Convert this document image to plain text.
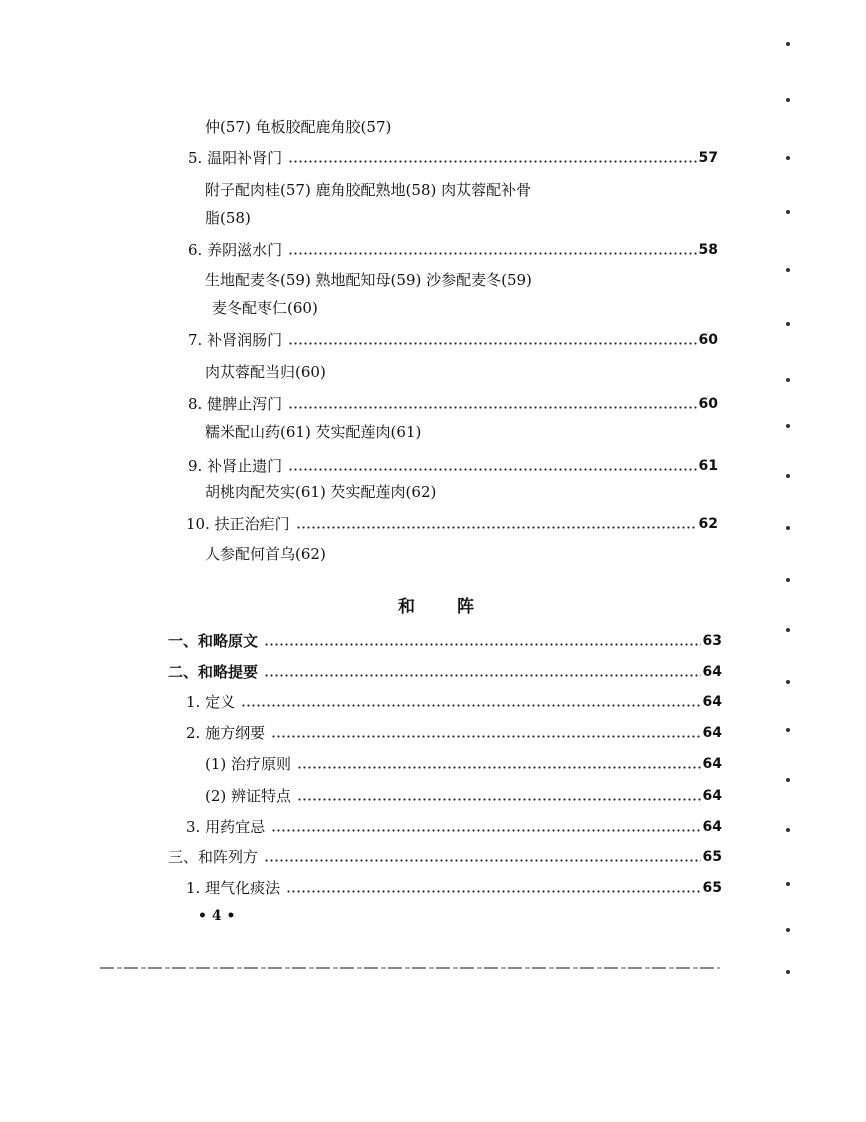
仲(57) 龟板胶配鹿角胶(57)
5. 温阳补肾门	57
附子配肉桂(57) 鹿角胶配熟地(58) 肉苁蓉配补骨
脂(58)
6. 养阴滋水门	58
生地配麦冬(59) 熟地配知母(59) 沙参配麦冬(59)
麦冬配枣仁(60)
7. 补肾润肠门	60
肉苁蓉配当归(60)
8. 健脾止泻门	60
糯米配山药(61) 芡实配莲肉(61)
9. 补肾止遗门	61
胡桃肉配芡实(61) 芡实配莲肉(62)
10. 扶正治疟门	62
人参配何首乌(62)
和阵
一、和略原文	63
二、和略提要	64
1. 定义	64
2. 施方纲要	64
(1) 治疗原则	64
(2) 辨证特点	64
3. 用药宜忌	64
三、和阵列方	65
1. 理气化痰法	65
• 4 •
